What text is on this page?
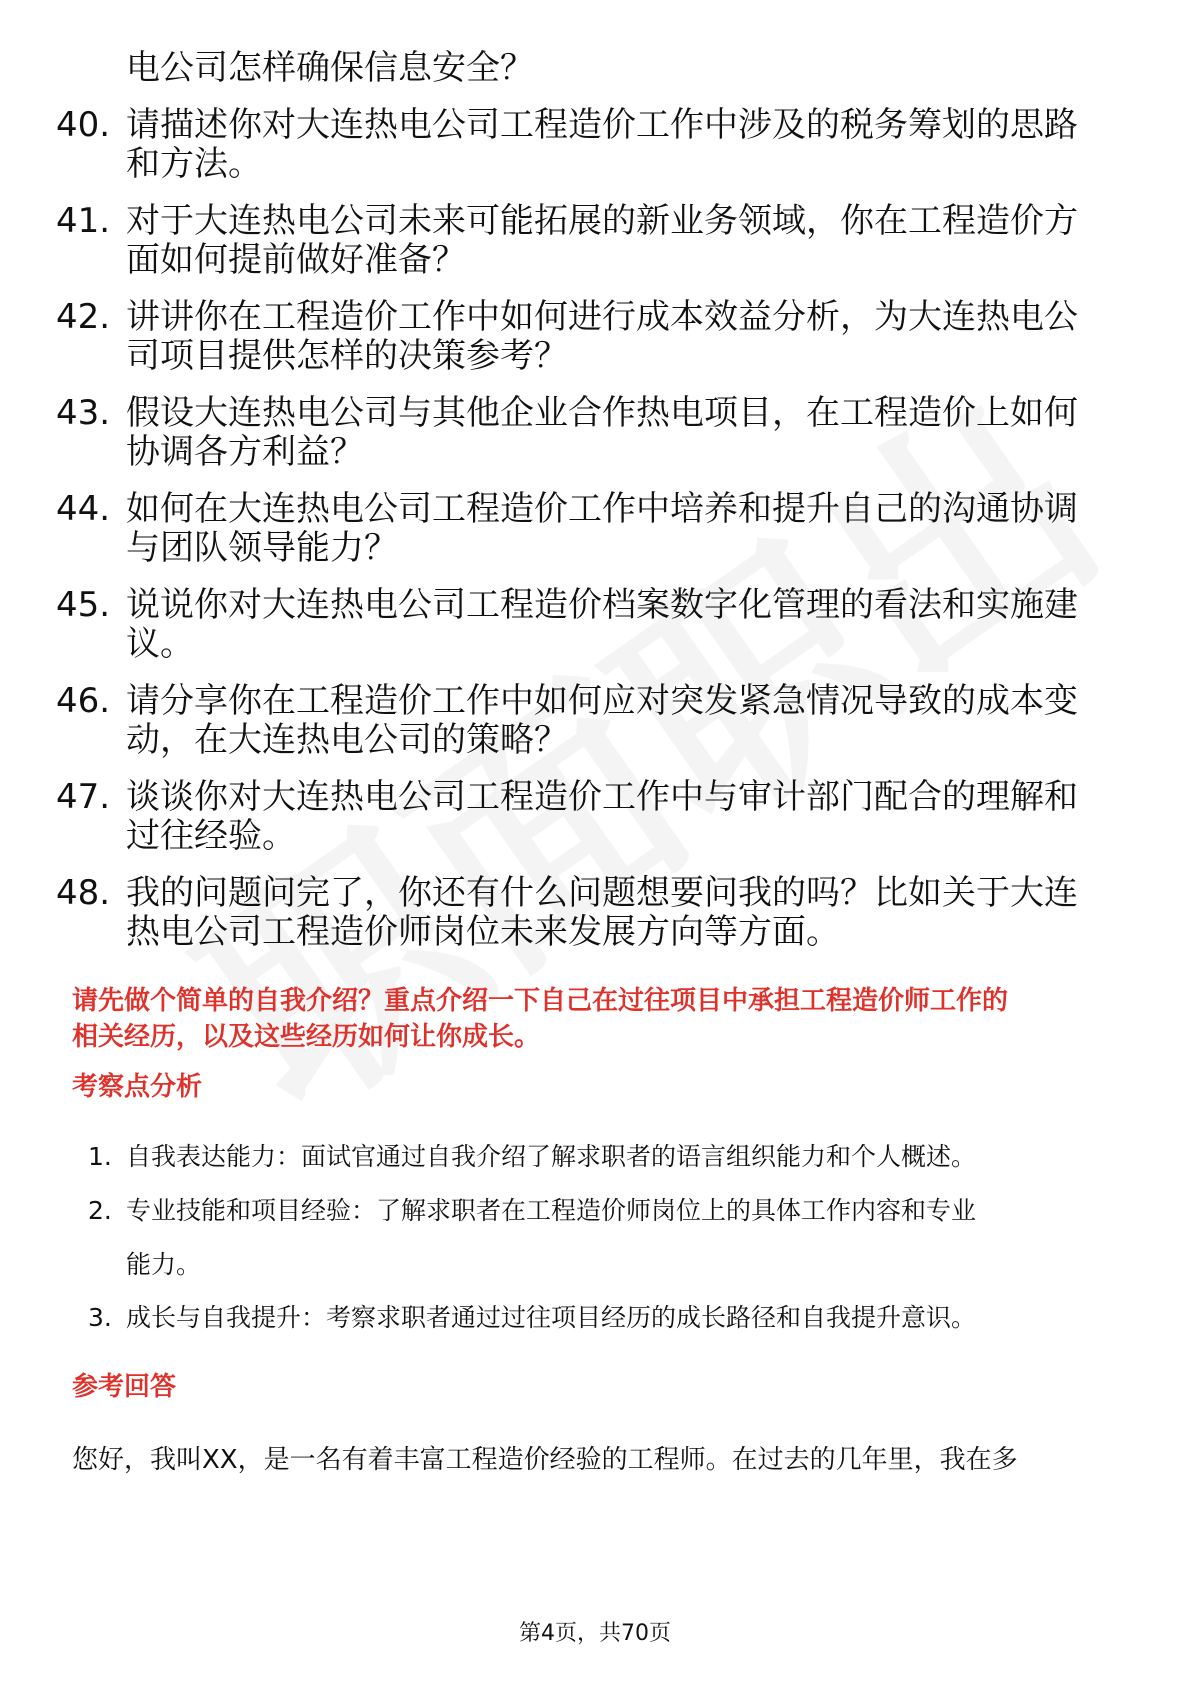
电公司怎样确保信息安全？
40. 请描述你对大连热电公司工程造价工作中涉及的税务筹划的思路
和方法。
41. 对于大连热电公司未来可能拓展的新业务领域，你在工程造价方
面如何提前做好准备？
42. 讲讲你在工程造价工作中如何进行成本效益分析，为大连热电公
司项目提供怎样的决策参考？
43. 假设大连热电公司与其他企业合作热电项目，在工程造价上如何
协调各方利益？
44. 如何在大连热电公司工程造价工作中培养和提升自己的沟通协调
与团队领导能力？
45. 说说你对大连热电公司工程造价档案数字化管理的看法和实施建
议。
46. 请分享你在工程造价工作中如何应对突发紧急情况导致的成本变
动，在大连热电公司的策略？
47. 谈谈你对大连热电公司工程造价工作中与审计部门配合的理解和
过往经验。
48. 我的问题问完了，你还有什么问题想要问我的吗？比如关于大连
热电公司工程造价师岗位未来发展方向等方面。
请先做个简单的自我介绍？重点介绍一下自己在过往项目中承担工程造价师工作的
相关经历，以及这些经历如何让你成长。
考察点分析
1. 自我表达能力：面试官通过自我介绍了解求职者的语言组织能力和个人概述。
2. 专业技能和项目经验：了解求职者在工程造价师岗位上的具体工作内容和专业
能力。
3. 成长与自我提升：考察求职者通过过往项目经历的成长路径和自我提升意识。
参考回答
您好，我叫XX，是一名有着丰富工程造价经验的工程师。在过去的几年里，我在多
第4页，共70页
